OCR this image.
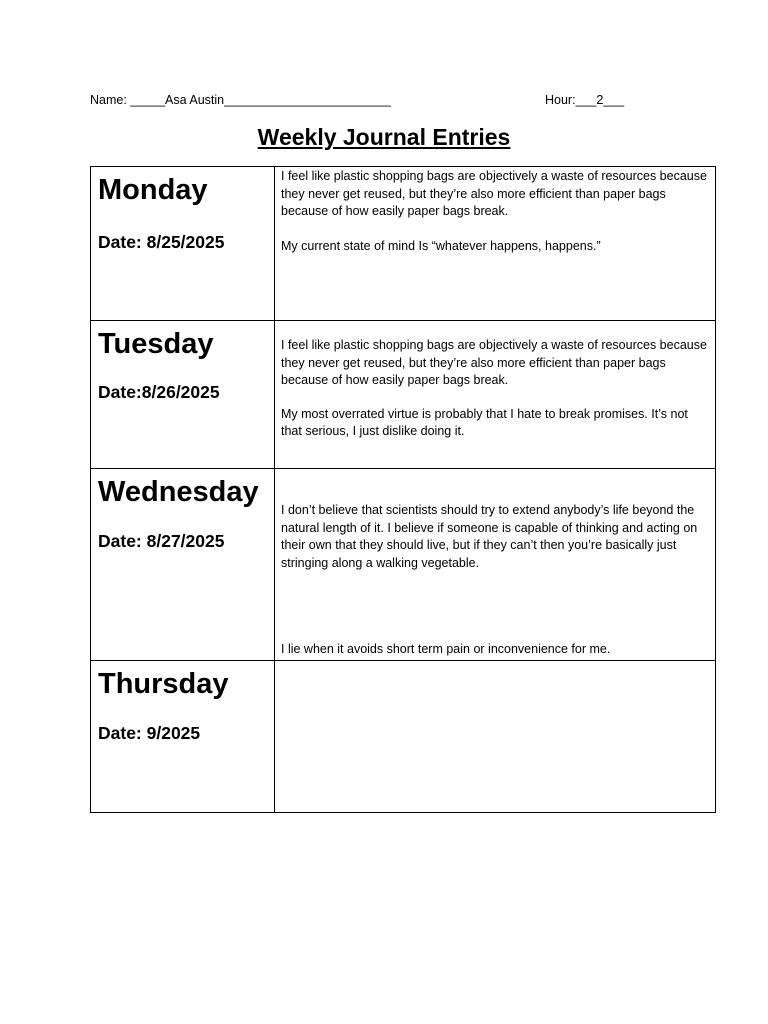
Name: _____Asa Austin________________________	Hour:___2___
Weekly Journal Entries
Monday
Date: 8/25/2025	I feel like plastic shopping bags are objectively a waste of resources because they never get reused, but they’re also more efficient than paper bags because of how easily paper bags break.
My current state of mind Is “whatever happens, happens.”

Tuesday
Date:8/26/2025	I feel like plastic shopping bags are objectively a waste of resources because they never get reused, but they’re also more efficient than paper bags because of how easily paper bags break.
My most overrated virtue is probably that I hate to break promises. It’s not that serious, I just dislike doing it.

Wednesday
Date: 8/27/2025	I don’t believe that scientists should try to extend anybody’s life beyond the natural length of it. I believe if someone is capable of thinking and acting on their own that they should live, but if they can’t then you’re basically just stringing along a walking vegetable.
I lie when it avoids short term pain or inconvenience for me.

Thursday
Date: 9/2025	
